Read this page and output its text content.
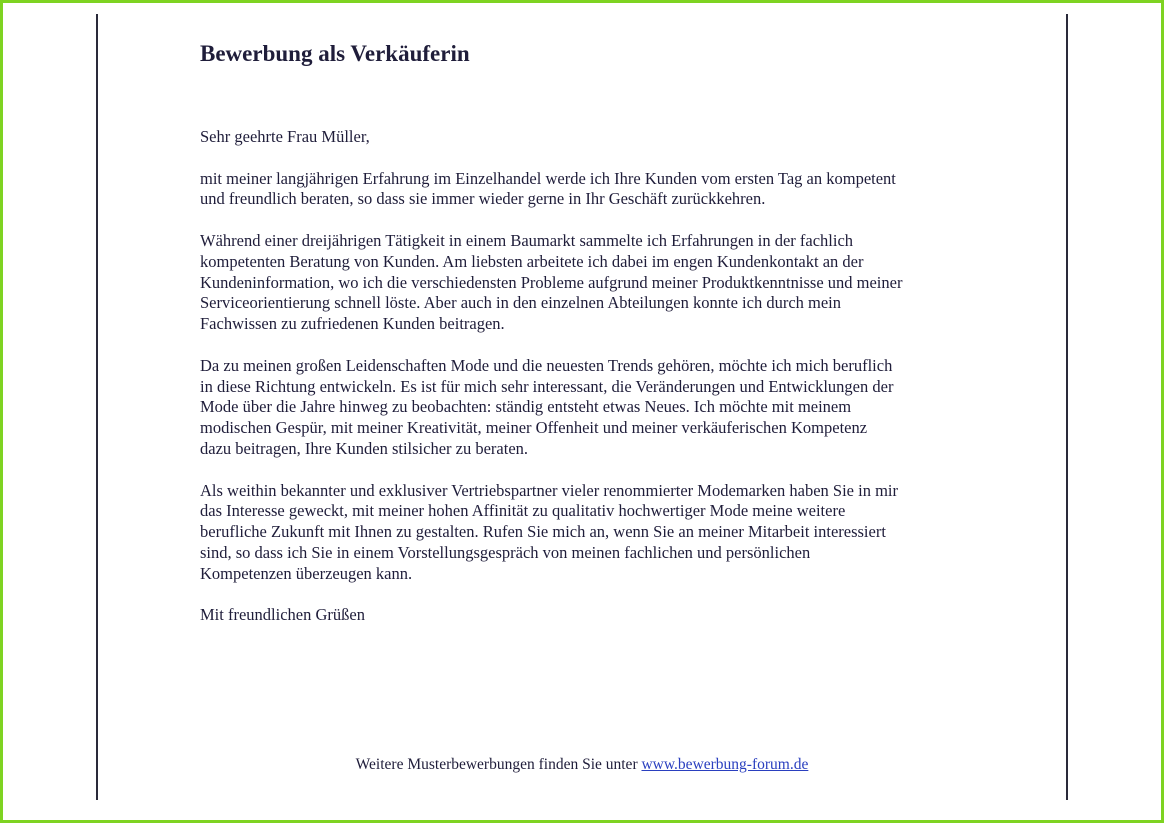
Bewerbung als Verkäuferin

Sehr geehrte Frau Müller,

mit meiner langjährigen Erfahrung im Einzelhandel werde ich Ihre Kunden vom ersten Tag an kompetent
und freundlich beraten, so dass sie immer wieder gerne in Ihr Geschäft zurückkehren.

Während einer dreijährigen Tätigkeit in einem Baumarkt sammelte ich Erfahrungen in der fachlich
kompetenten Beratung von Kunden. Am liebsten arbeitete ich dabei im engen Kundenkontakt an der
Kundeninformation, wo ich die verschiedensten Probleme aufgrund meiner Produktkenntnisse und meiner
Serviceorientierung schnell löste. Aber auch in den einzelnen Abteilungen konnte ich durch mein
Fachwissen zu zufriedenen Kunden beitragen.

Da zu meinen großen Leidenschaften Mode und die neuesten Trends gehören, möchte ich mich beruflich
in diese Richtung entwickeln. Es ist für mich sehr interessant, die Veränderungen und Entwicklungen der
Mode über die Jahre hinweg zu beobachten: ständig entsteht etwas Neues. Ich möchte mit meinem
modischen Gespür, mit meiner Kreativität, meiner Offenheit und meiner verkäuferischen Kompetenz
dazu beitragen, Ihre Kunden stilsicher zu beraten.

Als weithin bekannter und exklusiver Vertriebspartner vieler renommierter Modemarken haben Sie in mir
das Interesse geweckt, mit meiner hohen Affinität zu qualitativ hochwertiger Mode meine weitere
berufliche Zukunft mit Ihnen zu gestalten. Rufen Sie mich an, wenn Sie an meiner Mitarbeit interessiert
sind, so dass ich Sie in einem Vorstellungsgespräch von meinen fachlichen und persönlichen
Kompetenzen überzeugen kann.

Mit freundlichen Grüßen

Weitere Musterbewerbungen finden Sie unter www.bewerbung-forum.de
